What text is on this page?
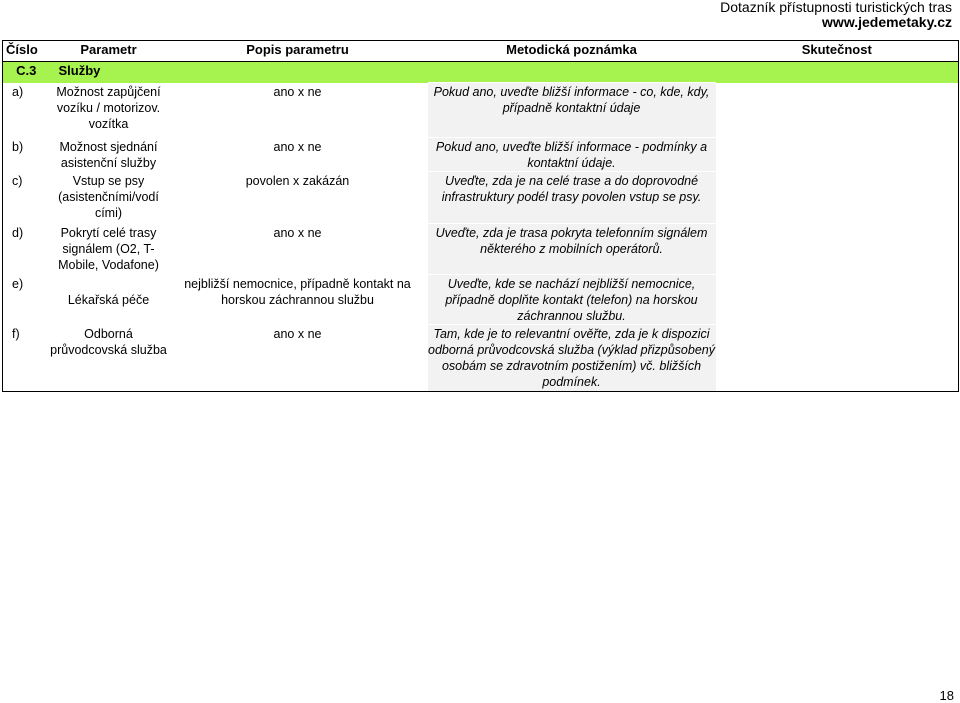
Dotazník přístupnosti turistických tras
www.jedemetaky.cz
Číslo	Parametr	Popis parametru	Metodická poznámka	Skutečnost
C.3	Služby			
a)	Možnost zapůjčení vozíku / motorizov. vozítka	ano x ne	Pokud ano, uveďte bližší informace - co, kde, kdy, případně kontaktní údaje	
b)	Možnost sjednání asistenční služby	ano x ne	Pokud ano, uveďte bližší informace - podmínky a kontaktní údaje.	
c)	Vstup se psy (asistenčními/vodí cími)	povolen x zakázán	Uveďte, zda je na celé trase a do doprovodné infrastruktury podél trasy povolen vstup se psy.	
d)	Pokrytí celé trasy signálem (O2, T-Mobile, Vodafone)	ano x ne	Uveďte, zda je trasa pokryta telefonním signálem některého z mobilních operátorů.	
e)	Lékařská péče	nejbližší nemocnice, případně kontakt na horskou záchrannou službu	Uveďte, kde se nachází nejbližší nemocnice, případně doplňte kontakt (telefon) na horskou záchrannou službu.	
f)	Odborná průvodcovská služba	ano x ne	Tam, kde je to relevantní ověřte, zda je k dispozici odborná průvodcovská služba (výklad přizpůsobený osobám se zdravotním postižením) vč. bližších podmínek.	
18
